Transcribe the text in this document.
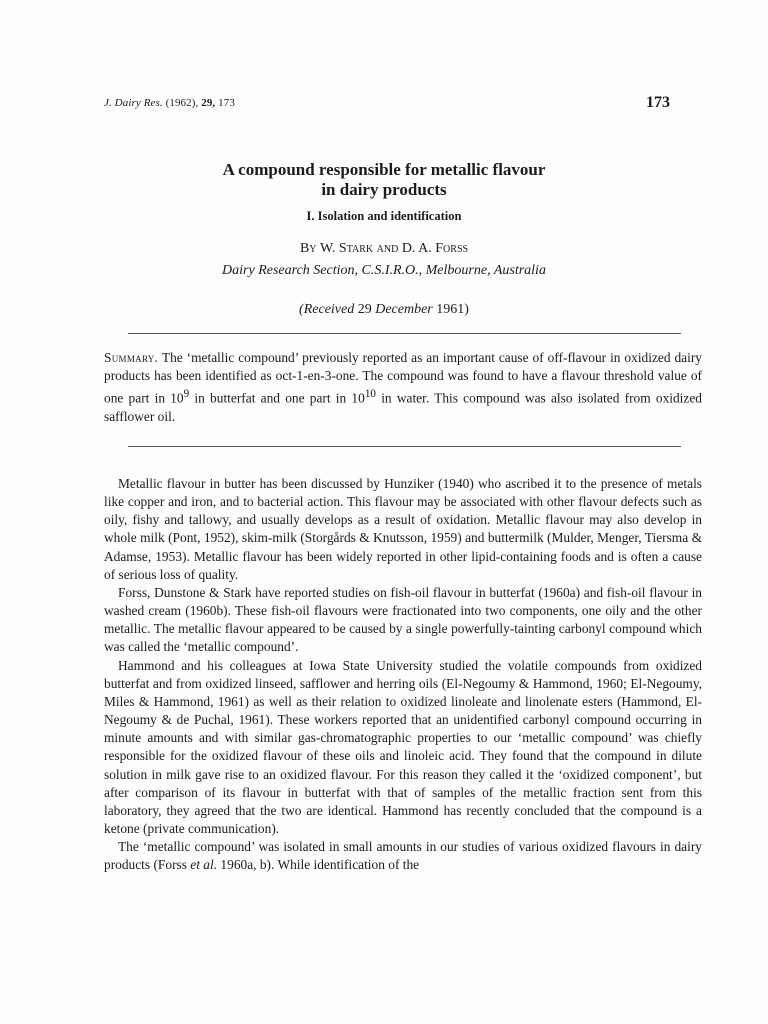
J. Dairy Res. (1962), 29, 173	173
A compound responsible for metallic flavour
in dairy products
I. Isolation and identification
By W. Stark and D. A. Forss
Dairy Research Section, C.S.I.R.O., Melbourne, Australia
(Received 29 December 1961)
Summary. The ‘metallic compound’ previously reported as an important cause of off-flavour in oxidized dairy products has been identified as oct-1-en-3-one. The compound was found to have a flavour threshold value of one part in $10^9$ in butterfat and one part in $10^{10}$ in water. This compound was also isolated from oxidized safflower oil.

Metallic flavour in butter has been discussed by Hunziker (1940) who ascribed it to the presence of metals like copper and iron, and to bacterial action. This flavour may be associated with other flavour defects such as oily, fishy and tallowy, and usually develops as a result of oxidation. Metallic flavour may also develop in whole milk (Pont, 1952), skim-milk (Storgårds & Knutsson, 1959) and buttermilk (Mulder, Menger, Tiersma & Adamse, 1953). Metallic flavour has been widely reported in other lipid-containing foods and is often a cause of serious loss of quality.

Forss, Dunstone & Stark have reported studies on fish-oil flavour in butterfat (1960a) and fish-oil flavour in washed cream (1960b). These fish-oil flavours were fractionated into two components, one oily and the other metallic. The metallic flavour appeared to be caused by a single powerfully-tainting carbonyl compound which was called the ‘metallic compound’.

Hammond and his colleagues at Iowa State University studied the volatile compounds from oxidized butterfat and from oxidized linseed, safflower and herring oils (El-Negoumy & Hammond, 1960; El-Negoumy, Miles & Hammond, 1961) as well as their relation to oxidized linoleate and linolenate esters (Hammond, El-Negoumy & de Puchal, 1961). These workers reported that an unidentified carbonyl compound occurring in minute amounts and with similar gas-chromatographic properties to our ‘metallic compound’ was chiefly responsible for the oxidized flavour of these oils and linoleic acid. They found that the compound in dilute solution in milk gave rise to an oxidized flavour. For this reason they called it the ‘oxidized component’, but after comparison of its flavour in butterfat with that of samples of the metallic fraction sent from this laboratory, they agreed that the two are identical. Hammond has recently concluded that the compound is a ketone (private communication).

The ‘metallic compound’ was isolated in small amounts in our studies of various oxidized flavours in dairy products (Forss et al. 1960a, b). While identification of the
